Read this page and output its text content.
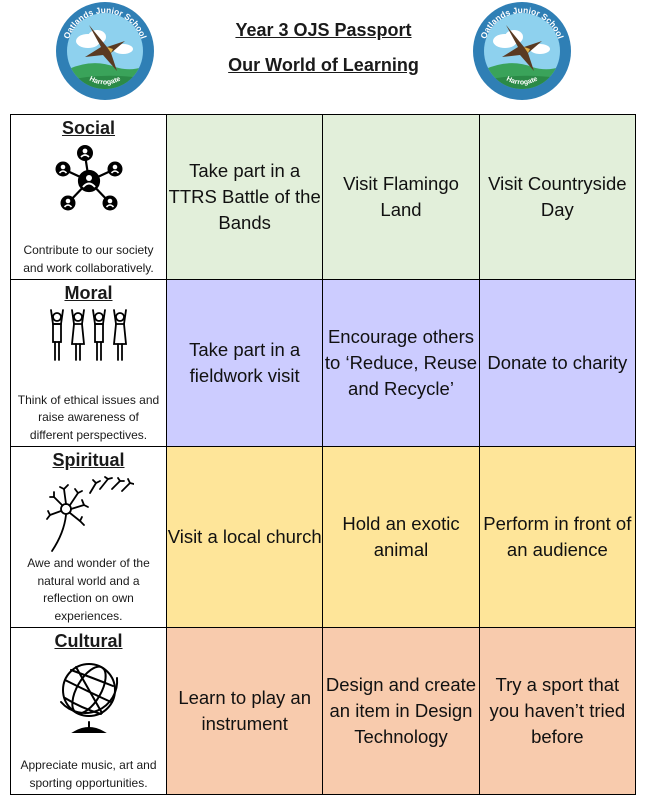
Oatlands Junior School
Harrogate
Year 3 OJS Passport
Our World of Learning
Oatlands Junior School
Harrogate
Social
Contribute to our society and work collaboratively.	Take part in a TTRS Battle of the Bands	Visit Flamingo Land	Visit Countryside Day

Moral
Think of ethical issues and raise awareness of different perspectives.	Take part in a fieldwork visit	Encourage others to ‘Reduce, Reuse and Recycle’	Donate to charity

Spiritual
Awe and wonder of the natural world and a reflection on own experiences.	Visit a local church	Hold an exotic animal	Perform in front of an audience

Cultural
Appreciate music, art and sporting opportunities.	Learn to play an instrument	Design and create an item in Design Technology	Try a sport that you haven’t tried before
